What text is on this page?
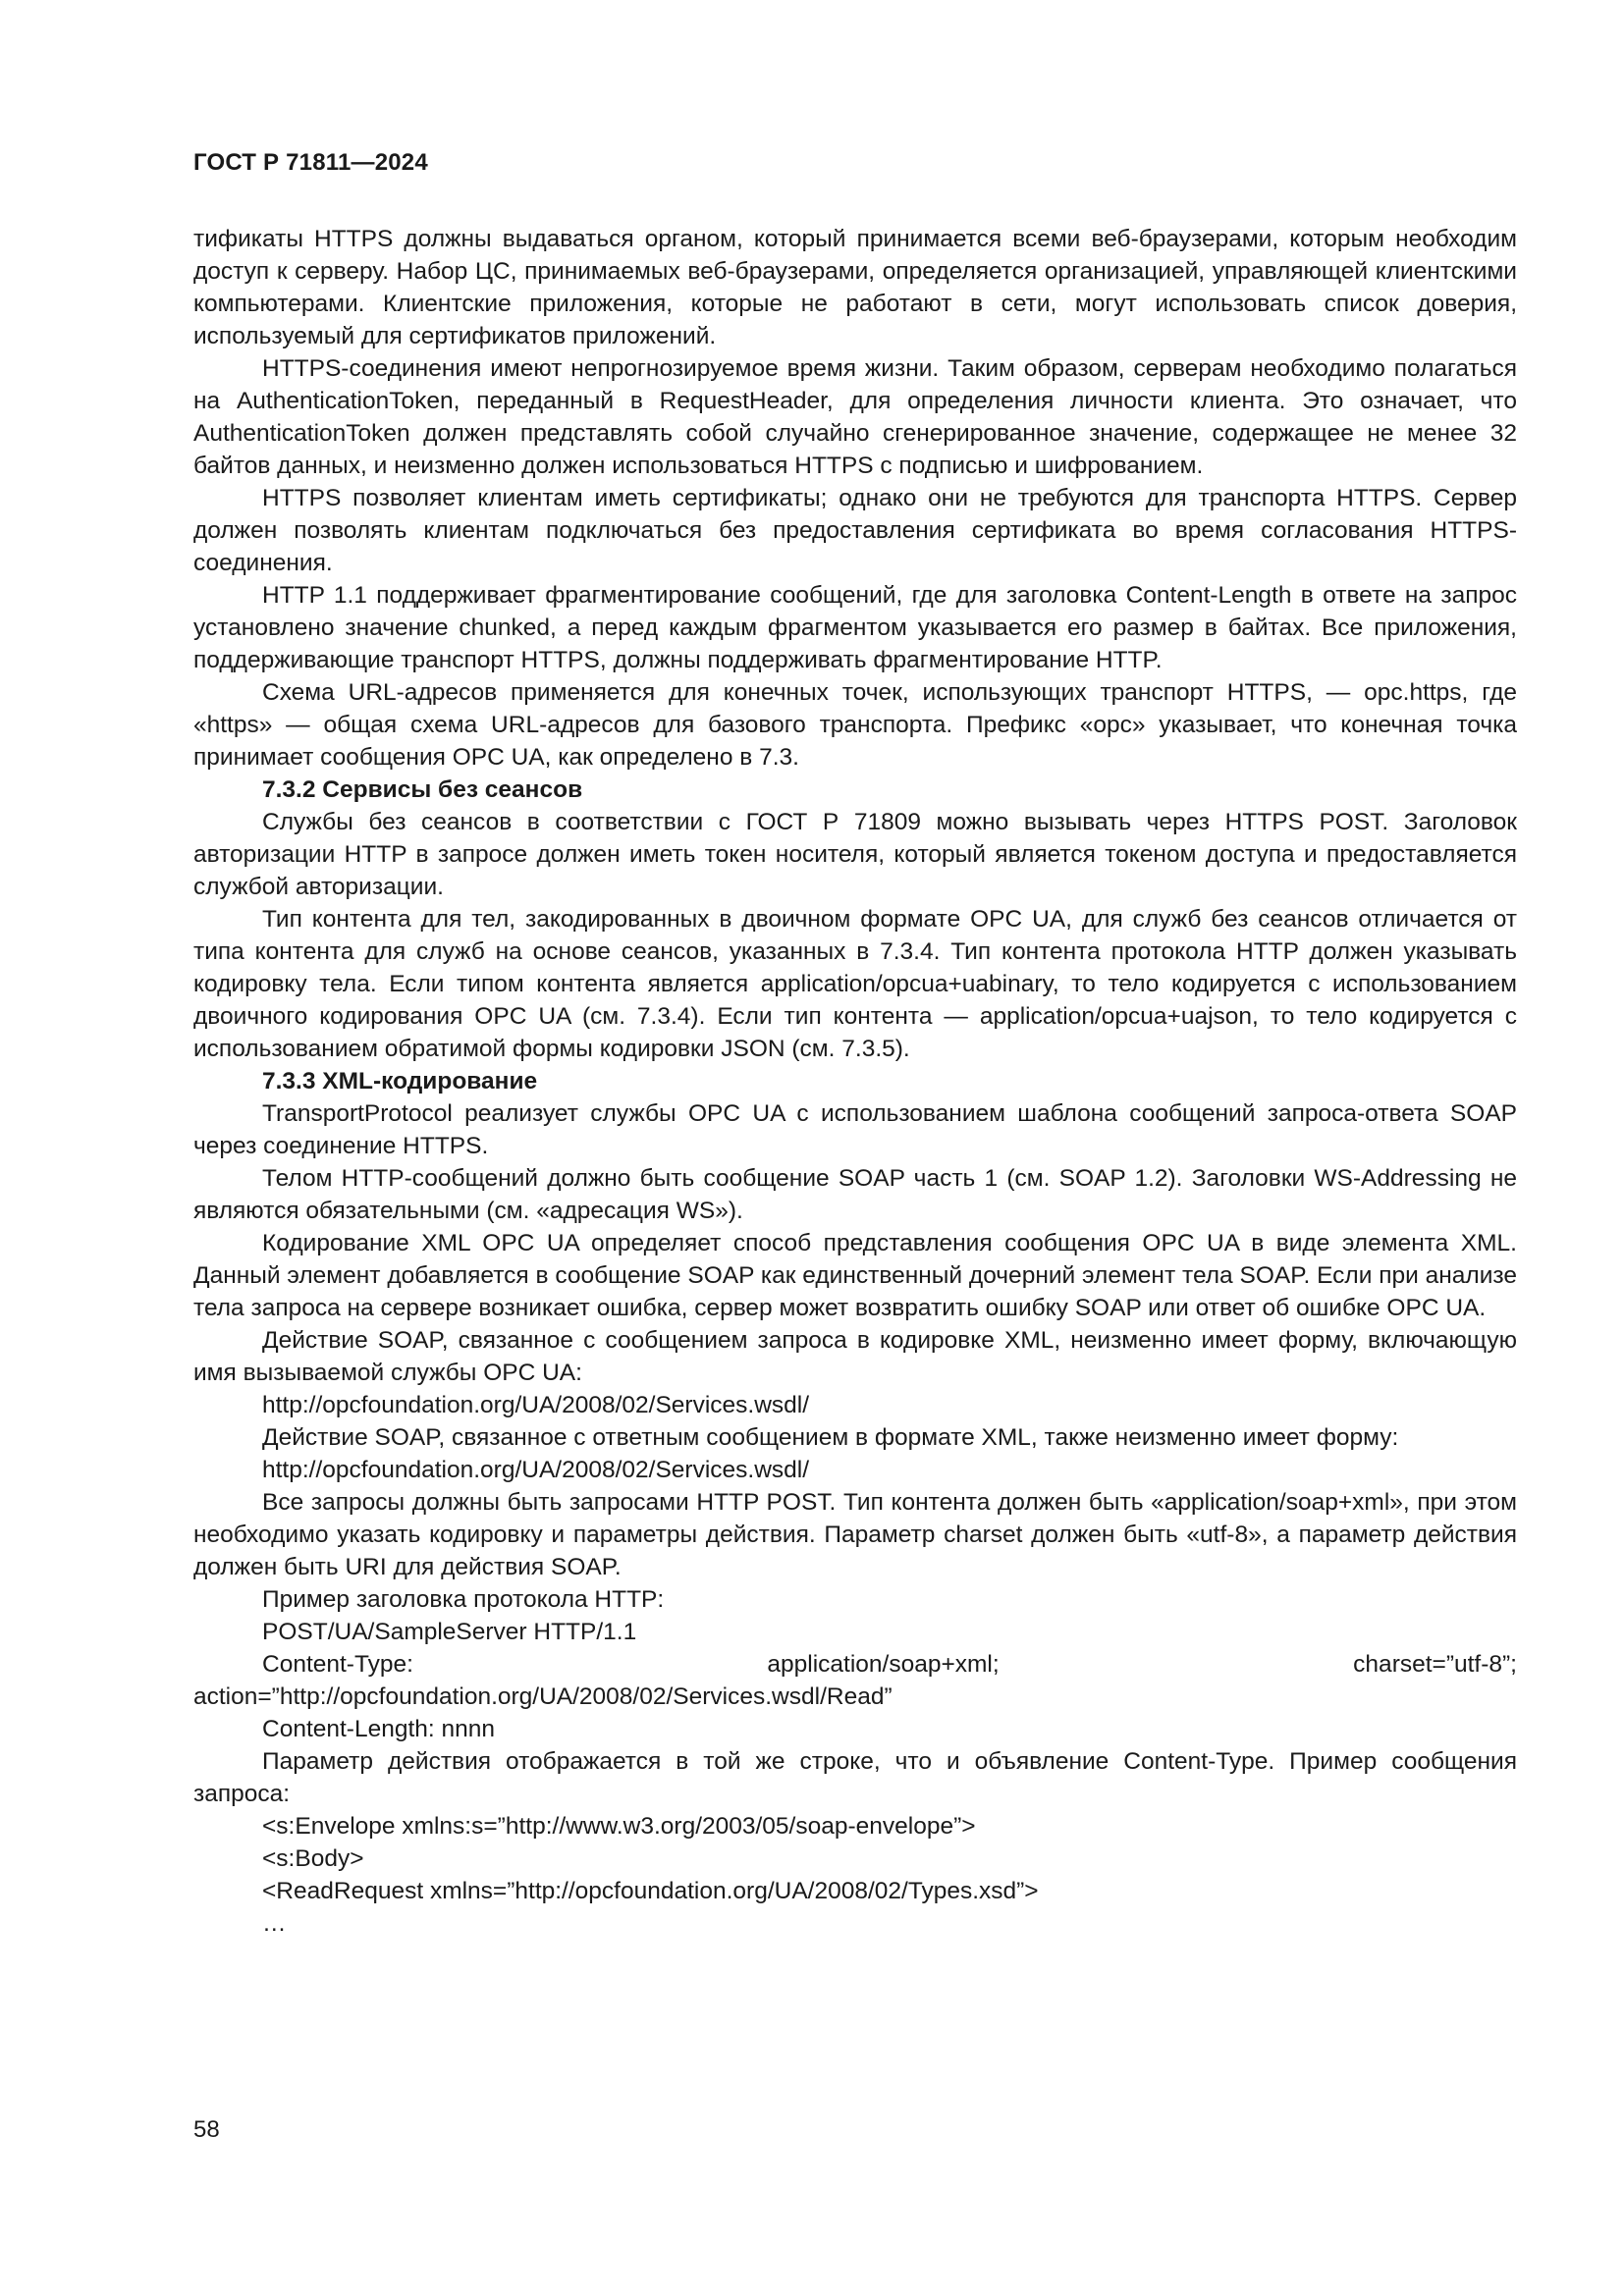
ГОСТ Р 71811—2024

тификаты HTTPS должны выдаваться органом, который принимается всеми веб-браузерами, которым необходим доступ к серверу. Набор ЦС, принимаемых веб-браузерами, определяется организацией, управляющей клиентскими компьютерами. Клиентские приложения, которые не работают в сети, могут использовать список доверия, используемый для сертификатов приложений.

HTTPS-соединения имеют непрогнозируемое время жизни. Таким образом, серверам необходимо полагаться на AuthenticationToken, переданный в RequestHeader, для определения личности клиента. Это означает, что AuthenticationToken должен представлять собой случайно сгенерированное значение, содержащее не менее 32 байтов данных, и неизменно должен использоваться HTTPS с подписью и шифрованием.

HTTPS позволяет клиентам иметь сертификаты; однако они не требуются для транспорта HTTPS. Сервер должен позволять клиентам подключаться без предоставления сертификата во время согласования HTTPS-соединения.

HTTP 1.1 поддерживает фрагментирование сообщений, где для заголовка Content-Length в ответе на запрос установлено значение chunked, а перед каждым фрагментом указывается его размер в байтах. Все приложения, поддерживающие транспорт HTTPS, должны поддерживать фрагментирование HTTP.

Схема URL-адресов применяется для конечных точек, использующих транспорт HTTPS, — opc.https, где «https» — общая схема URL-адресов для базового транспорта. Префикс «opc» указывает, что конечная точка принимает сообщения OPC UA, как определено в 7.3.

7.3.2 Сервисы без сеансов

Службы без сеансов в соответствии с ГОСТ Р 71809 можно вызывать через HTTPS POST. Заголовок авторизации HTTP в запросе должен иметь токен носителя, который является токеном доступа и предоставляется службой авторизации.

Тип контента для тел, закодированных в двоичном формате OPC UA, для служб без сеансов отличается от типа контента для служб на основе сеансов, указанных в 7.3.4. Тип контента протокола HTTP должен указывать кодировку тела. Если типом контента является application/opcua+uabinary, то тело кодируется с использованием двоичного кодирования OPC UA (см. 7.3.4). Если тип контента — application/opcua+uajson, то тело кодируется с использованием обратимой формы кодировки JSON (см. 7.3.5).

7.3.3 XML-кодирование

TransportProtocol реализует службы OPC UA с использованием шаблона сообщений запроса-ответа SOAP через соединение HTTPS.

Телом HTTP-сообщений должно быть сообщение SOAP часть 1 (см. SOAP 1.2). Заголовки WS-Addressing не являются обязательными (см. «адресация WS»).

Кодирование XML OPC UA определяет способ представления сообщения OPC UA в виде элемента XML. Данный элемент добавляется в сообщение SOAP как единственный дочерний элемент тела SOAP. Если при анализе тела запроса на сервере возникает ошибка, сервер может возвратить ошибку SOAP или ответ об ошибке OPC UA.

Действие SOAP, связанное с сообщением запроса в кодировке XML, неизменно имеет форму, включающую имя вызываемой службы OPC UA:

http://opcfoundation.org/UA/2008/02/Services.wsdl/

Действие SOAP, связанное с ответным сообщением в формате XML, также неизменно имеет форму:

http://opcfoundation.org/UA/2008/02/Services.wsdl/

Все запросы должны быть запросами HTTP POST. Тип контента должен быть «application/soap+xml», при этом необходимо указать кодировку и параметры действия. Параметр charset должен быть «utf-8», а параметр действия должен быть URI для действия SOAP.

Пример заголовка протокола HTTP:
POST/UA/SampleServer HTTP/1.1

Content-Type: application/soap+xml; charset=”utf-8”; action=”http://opcfoundation.org/UA/2008/02/Services.wsdl/Read”

Content-Length: nnnn

Параметр действия отображается в той же строке, что и объявление Content-Type. Пример сообщения запроса:

<s:Envelope xmlns:s=”http://www.w3.org/2003/05/soap-envelope”>
<s:Body>
<ReadRequest xmlns=”http://opcfoundation.org/UA/2008/02/Types.xsd”>
…
58
